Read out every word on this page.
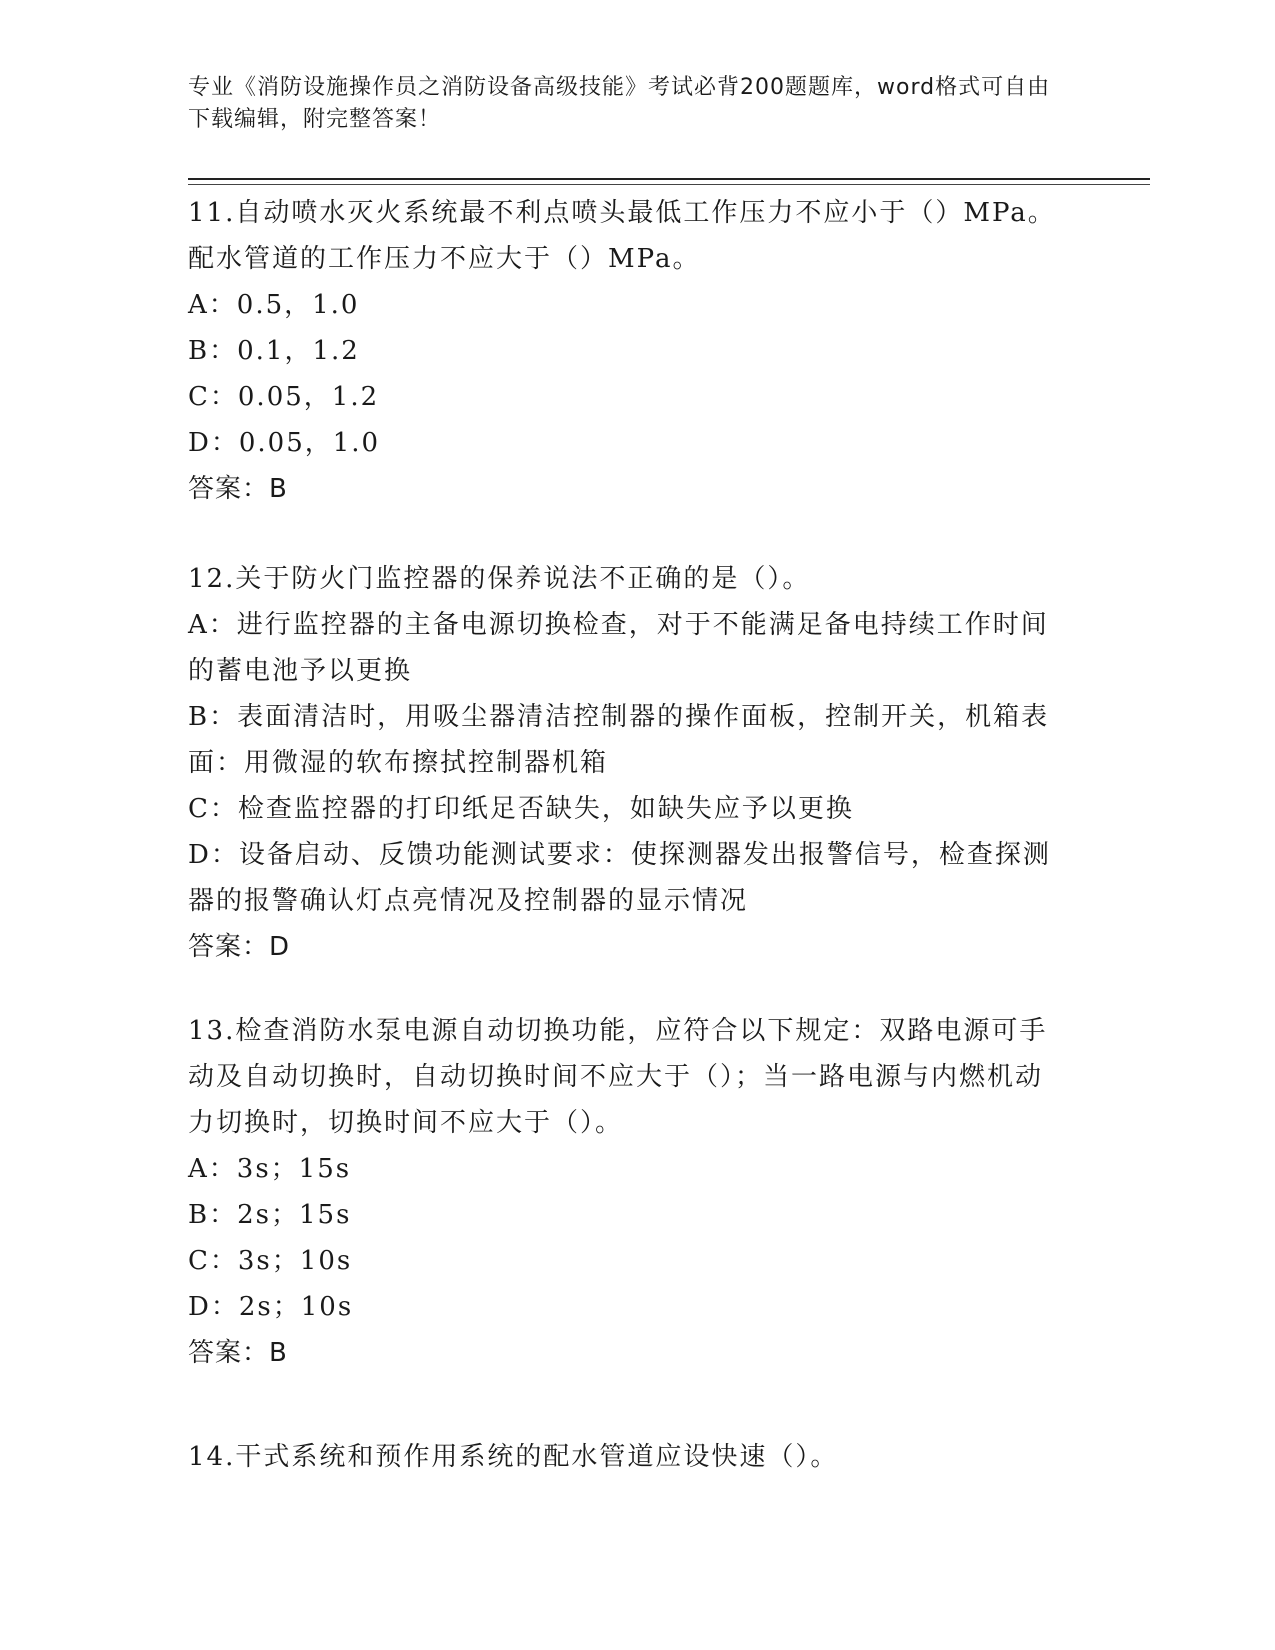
专业《消防设施操作员之消防设备高级技能》考试必背200题题库，word格式可自由下载编辑，附完整答案！
11.自动喷水灭火系统最不利点喷头最低工作压力不应小于（）MPa。配水管道的工作压力不应大于（）MPa。
A：0.5，1.0
B：0.1，1.2
C：0.05，1.2
D：0.05，1.0
答案：B
12.关于防火门监控器的保养说法不正确的是（）。
A：进行监控器的主备电源切换检查，对于不能满足备电持续工作时间的蓄电池予以更换
B：表面清洁时，用吸尘器清洁控制器的操作面板，控制开关，机箱表面：用微湿的软布擦拭控制器机箱
C：检查监控器的打印纸足否缺失，如缺失应予以更换
D：设备启动、反馈功能测试要求：使探测器发出报警信号，检查探测器的报警确认灯点亮情况及控制器的显示情况
答案：D
13.检查消防水泵电源自动切换功能，应符合以下规定：双路电源可手动及自动切换时，自动切换时间不应大于（）；当一路电源与内燃机动力切换时，切换时间不应大于（）。
A：3s；15s
B：2s；15s
C：3s；10s
D：2s；10s
答案：B
14.干式系统和预作用系统的配水管道应设快速（）。
